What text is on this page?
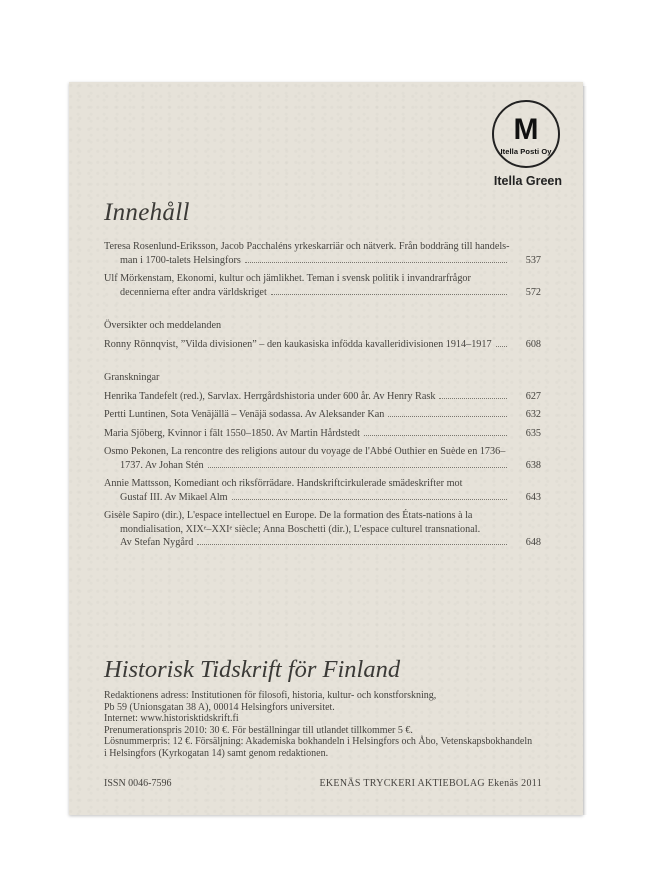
M
Itella Posti Oy
Itella Green
Innehåll
Teresa Rosenlund-Eriksson, Jacob Pacchaléns yrkeskarriär och nätverk. Från boddräng till handels-
man i 1700-talets Helsingfors	537
Ulf Mörkenstam, Ekonomi, kultur och jämlikhet. Teman i svensk politik i invandrarfrågor
decennierna efter andra världskriget	572
Översikter och meddelanden
Ronny Rönnqvist, ”Vilda divisionen” – den kaukasiska infödda kavalleridivisionen 1914–1917	608
Granskningar
Henrika Tandefelt (red.), Sarvlax. Herrgårdshistoria under 600 år. Av Henry Rask	627
Pertti Luntinen, Sota Venäjällä – Venäjä sodassa. Av Aleksander Kan	632
Maria Sjöberg, Kvinnor i fält 1550–1850. Av Martin Hårdstedt	635
Osmo Pekonen, La rencontre des religions autour du voyage de l'Abbé Outhier en Suède en 1736–
1737. Av Johan Stén	638
Annie Mattsson, Komediant och riksförrädare. Handskriftcirkulerade smädeskrifter mot
Gustaf III. Av Mikael Alm	643
Gisèle Sapiro (dir.), L'espace intellectuel en Europe. De la formation des États-nations à la
mondialisation, XIXᵉ–XXIᵉ siècle; Anna Boschetti (dir.), L'espace culturel transnational.
Av Stefan Nygård	648
Historisk Tidskrift för Finland
Redaktionens adress: Institutionen för filosofi, historia, kultur- och konstforskning,
Pb 59 (Unionsgatan 38 A), 00014 Helsingfors universitet.
Internet: www.historisktidskrift.fi
Prenumerationspris 2010: 30 €. För beställningar till utlandet tillkommer 5 €.
Lösnummerpris: 12 €. Försäljning: Akademiska bokhandeln i Helsingfors och Åbo, Vetenskapsbokhandeln
i Helsingfors (Kyrkogatan 14) samt genom redaktionen.
ISSN 0046-7596	EKENÄS TRYCKERI AKTIEBOLAG Ekenäs 2011
